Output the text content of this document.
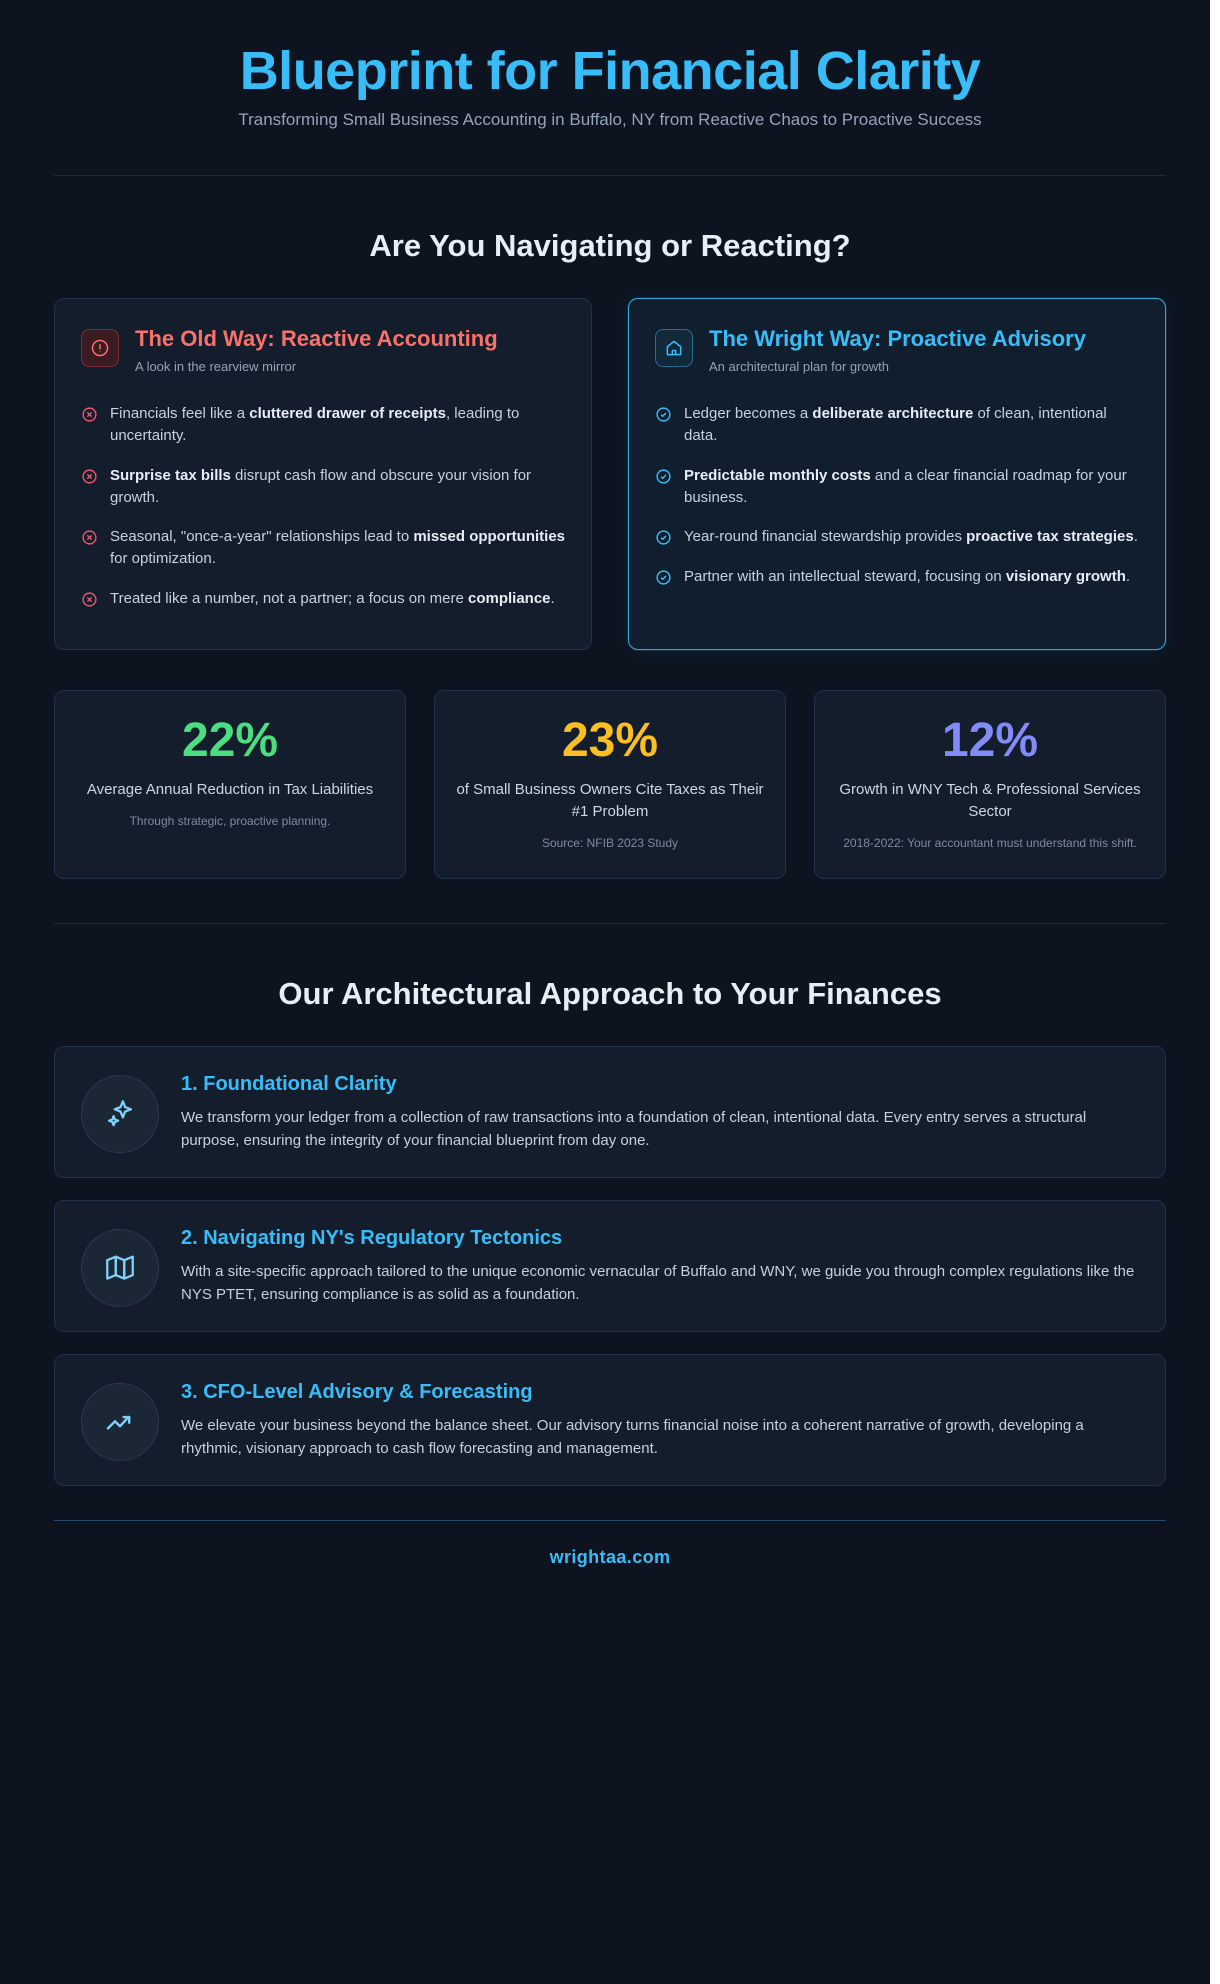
Blueprint for Financial Clarity

Transforming Small Business Accounting in Buffalo, NY from Reactive Chaos to Proactive Success

Are You Navigating or Reacting?
The Old Way: Reactive Accounting
A look in the rearview mirror
Financials feel like a cluttered drawer of receipts, leading to uncertainty.
Surprise tax bills disrupt cash flow and obscure your vision for growth.
Seasonal, "once-a-year" relationships lead to missed opportunities for optimization.
Treated like a number, not a partner; a focus on mere compliance.
The Wright Way: Proactive Advisory
An architectural plan for growth
Ledger becomes a deliberate architecture of clean, intentional data.
Predictable monthly costs and a clear financial roadmap for your business.
Year-round financial stewardship provides proactive tax strategies.
Partner with an intellectual steward, focusing on visionary growth.
22%
Average Annual Reduction in Tax Liabilities
Through strategic, proactive planning.
23%
of Small Business Owners Cite Taxes as Their #1 Problem
Source: NFIB 2023 Study
12%
Growth in WNY Tech & Professional Services Sector
2018-2022: Your accountant must understand this shift.
Our Architectural Approach to Your Finances
1. Foundational Clarity
We transform your ledger from a collection of raw transactions into a foundation of clean, intentional data. Every entry serves a structural purpose, ensuring the integrity of your financial blueprint from day one.
2. Navigating NY's Regulatory Tectonics
With a site-specific approach tailored to the unique economic vernacular of Buffalo and WNY, we guide you through complex regulations like the NYS PTET, ensuring compliance is as solid as a foundation.
3. CFO-Level Advisory & Forecasting
We elevate your business beyond the balance sheet. Our advisory turns financial noise into a coherent narrative of growth, developing a rhythmic, visionary approach to cash flow forecasting and management.
wrightaa.com
